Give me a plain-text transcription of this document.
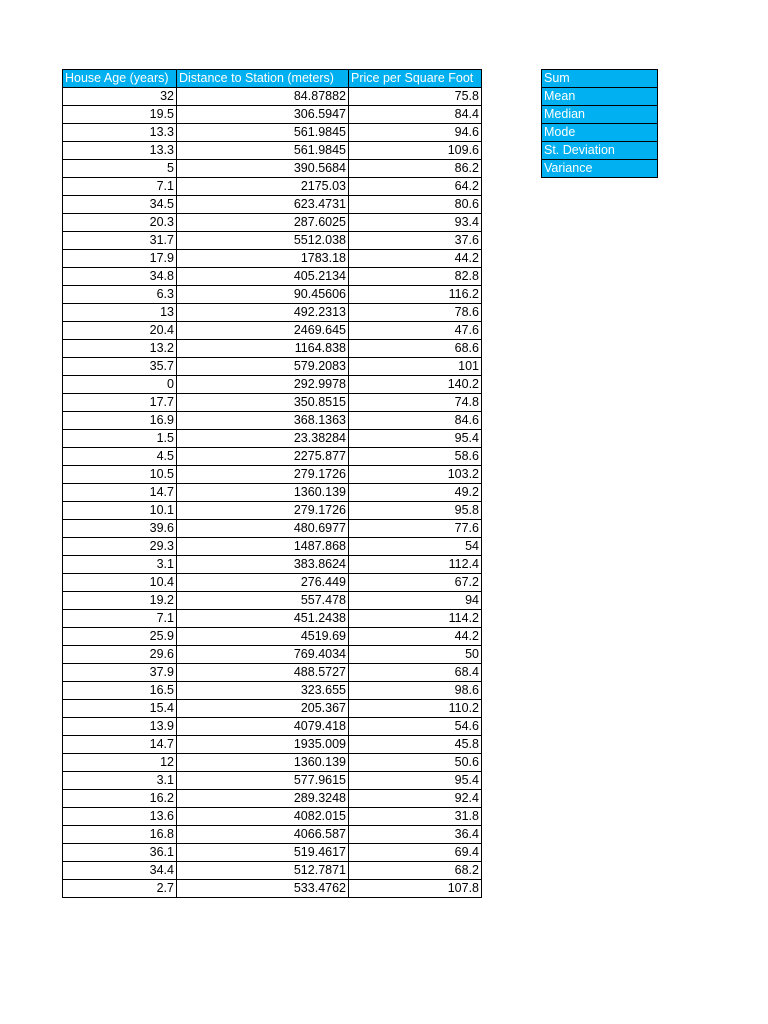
House Age (years)	Distance to Station (meters)	Price per Square Foot
32	84.87882	75.8
19.5	306.5947	84.4
13.3	561.9845	94.6
13.3	561.9845	109.6
5	390.5684	86.2
7.1	2175.03	64.2
34.5	623.4731	80.6
20.3	287.6025	93.4
31.7	5512.038	37.6
17.9	1783.18	44.2
34.8	405.2134	82.8
6.3	90.45606	116.2
13	492.2313	78.6
20.4	2469.645	47.6
13.2	1164.838	68.6
35.7	579.2083	101
0	292.9978	140.2
17.7	350.8515	74.8
16.9	368.1363	84.6
1.5	23.38284	95.4
4.5	2275.877	58.6
10.5	279.1726	103.2
14.7	1360.139	49.2
10.1	279.1726	95.8
39.6	480.6977	77.6
29.3	1487.868	54
3.1	383.8624	112.4
10.4	276.449	67.2
19.2	557.478	94
7.1	451.2438	114.2
25.9	4519.69	44.2
29.6	769.4034	50
37.9	488.5727	68.4
16.5	323.655	98.6
15.4	205.367	110.2
13.9	4079.418	54.6
14.7	1935.009	45.8
12	1360.139	50.6
3.1	577.9615	95.4
16.2	289.3248	92.4
13.6	4082.015	31.8
16.8	4066.587	36.4
36.1	519.4617	69.4
34.4	512.7871	68.2
2.7	533.4762	107.8
Sum
Mean
Median
Mode
St. Deviation
Variance
